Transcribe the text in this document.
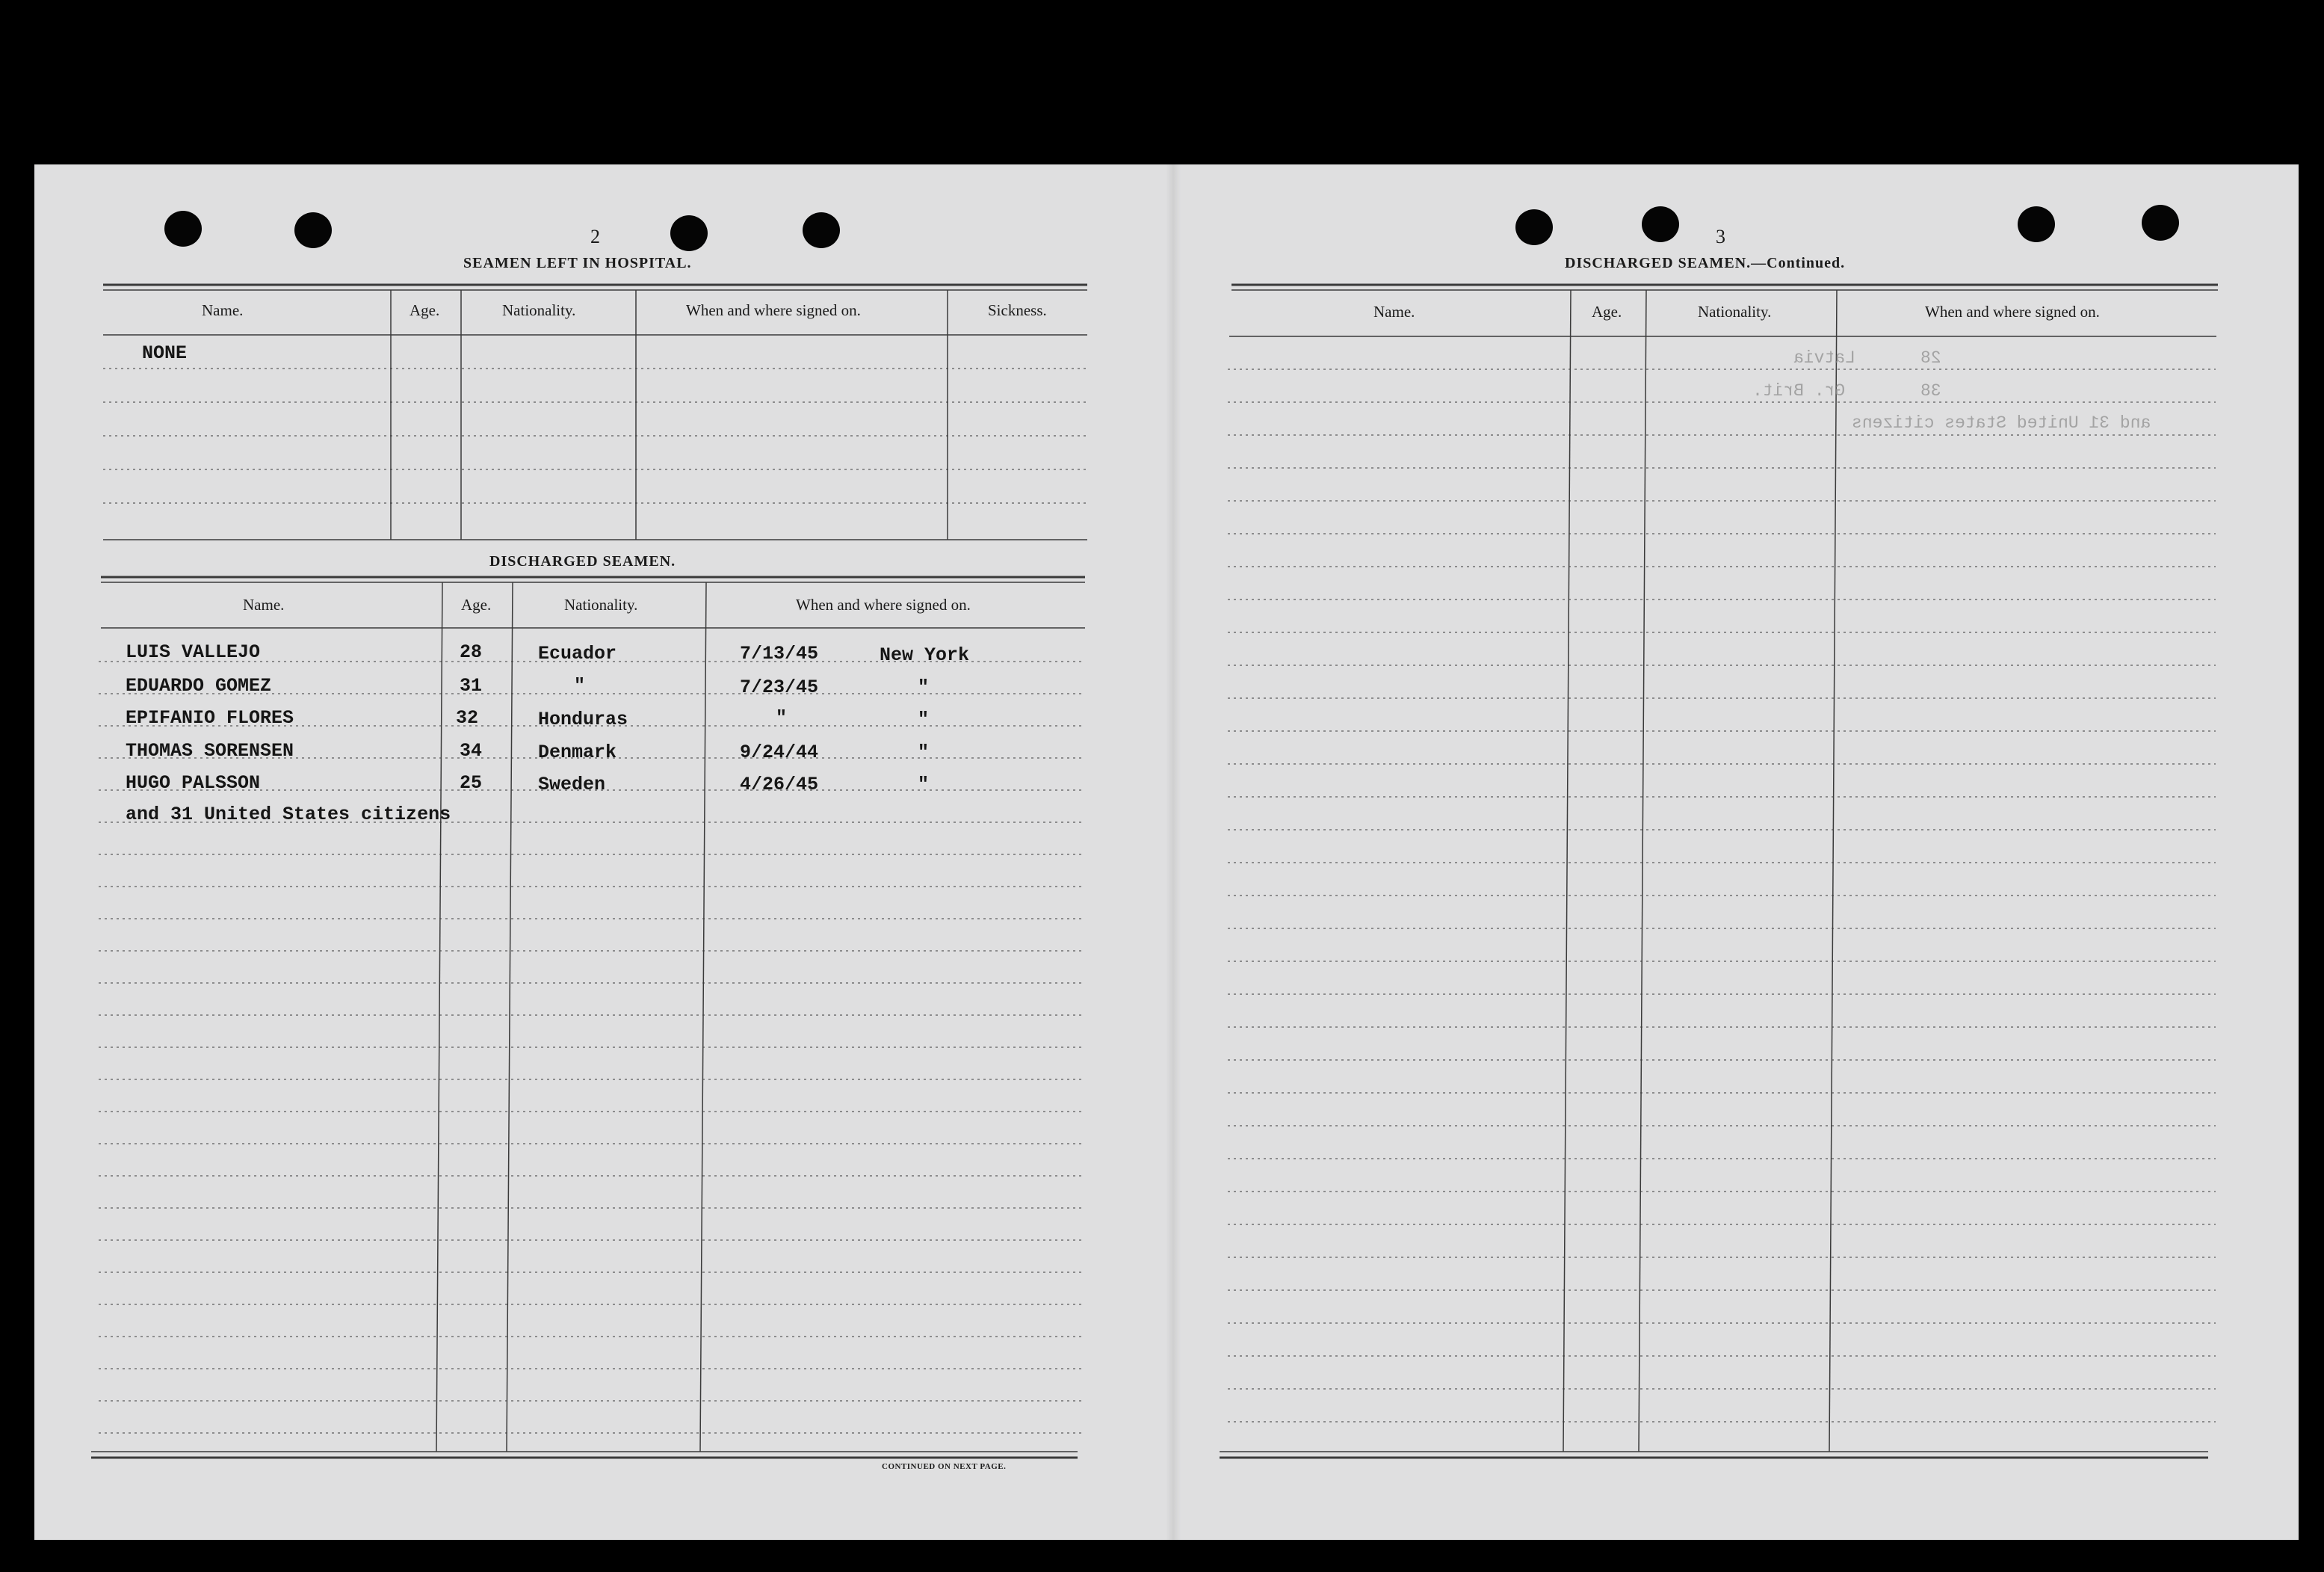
2
SEAMEN LEFT IN HOSPITAL.
Name.	Age.	Nationality.	When and where signed on.	Sickness.
NONE
DISCHARGED SEAMEN.
Name.	Age.	Nationality.	When and where signed on.
LUIS VALLEJO	28	Ecuador	7/13/45	New York
EDUARDO GOMEZ	31	"	7/23/45	"
EPIFANIO FLORES	32	Honduras	"	"
THOMAS SORENSEN	34	Denmark	9/24/44	"
HUGO PALSSON	25	Sweden	4/26/45	"
and 31 United States citizens
CONTINUED ON NEXT PAGE.
3
DISCHARGED SEAMEN.—Continued.
Name.	Age.	Nationality.	When and where signed on.
Latvia	28
Gr. Brit.	38
and 31 United States citizens
